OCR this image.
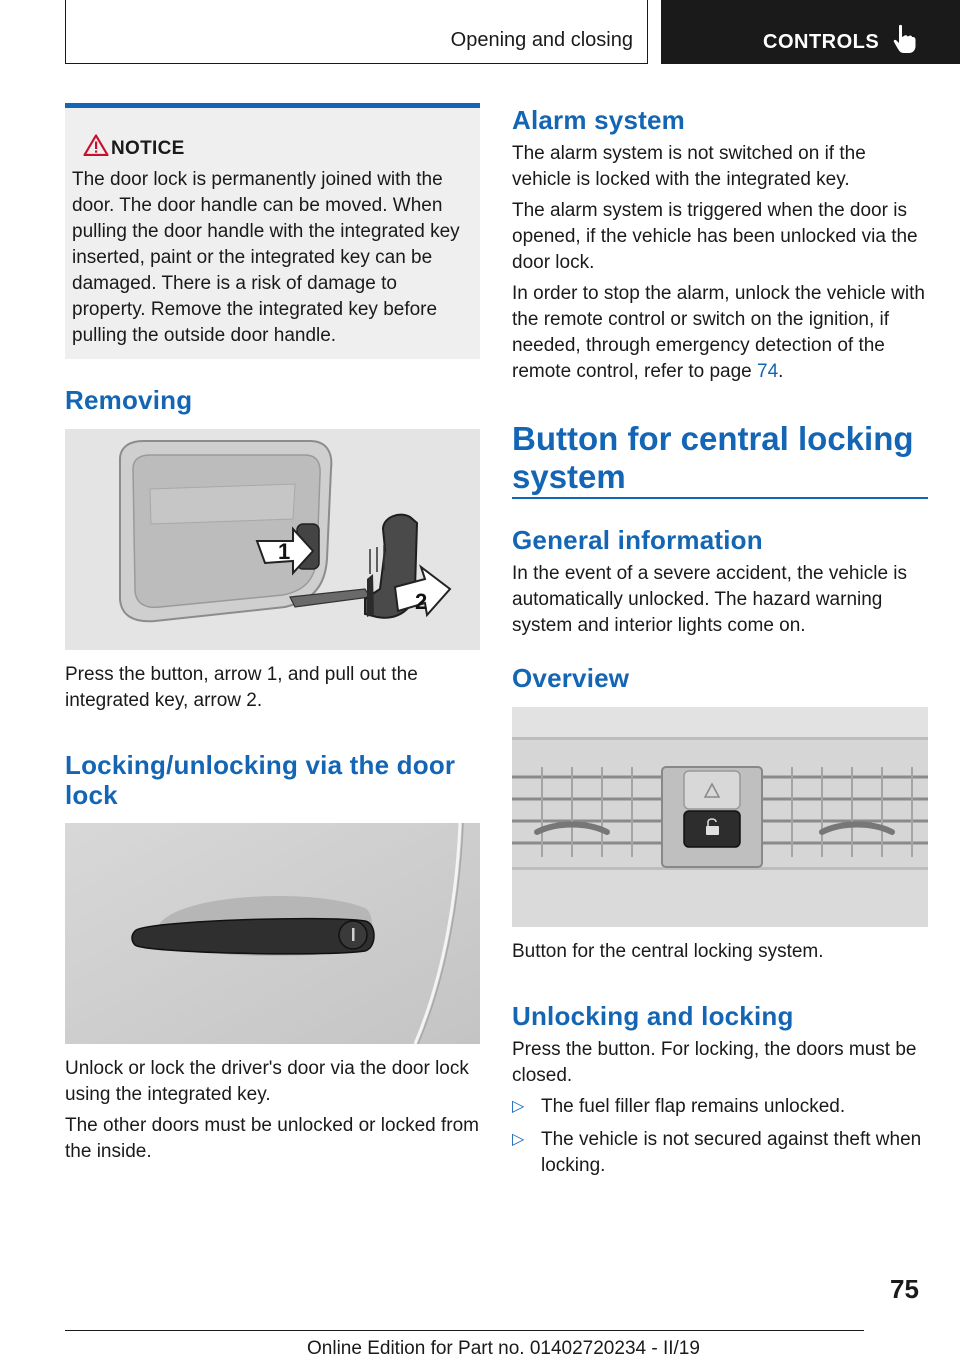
Opening and closing	CONTROLS
NOTICE

The door lock is permanently joined with the door. The door handle can be moved. When pulling the door handle with the integrated key inserted, paint or the integrated key can be damaged. There is a risk of damage to property. Remove the integrated key before pulling the outside door handle.

Removing
1
2

Press the button, arrow 1, and pull out the integrated key, arrow 2.

Locking/unlocking via the door lock

Unlock or lock the driver's door via the door lock using the integrated key.

The other doors must be unlocked or locked from the inside.

Alarm system

The alarm system is not switched on if the vehicle is locked with the integrated key.

The alarm system is triggered when the door is opened, if the vehicle has been unlocked via the door lock.

In order to stop the alarm, unlock the vehicle with the remote control or switch on the ignition, if needed, through emergency detection of the remote control, refer to page 74.

Button for central locking system
General information

In the event of a severe accident, the vehicle is automatically unlocked. The hazard warning system and interior lights come on.

Overview

Button for the central locking system.

Unlocking and locking

Press the button. For locking, the doors must be closed.

▷ The fuel filler flap remains unlocked.
▷ The vehicle is not secured against theft when locking.
75
Online Edition for Part no. 01402720234 - II/19
